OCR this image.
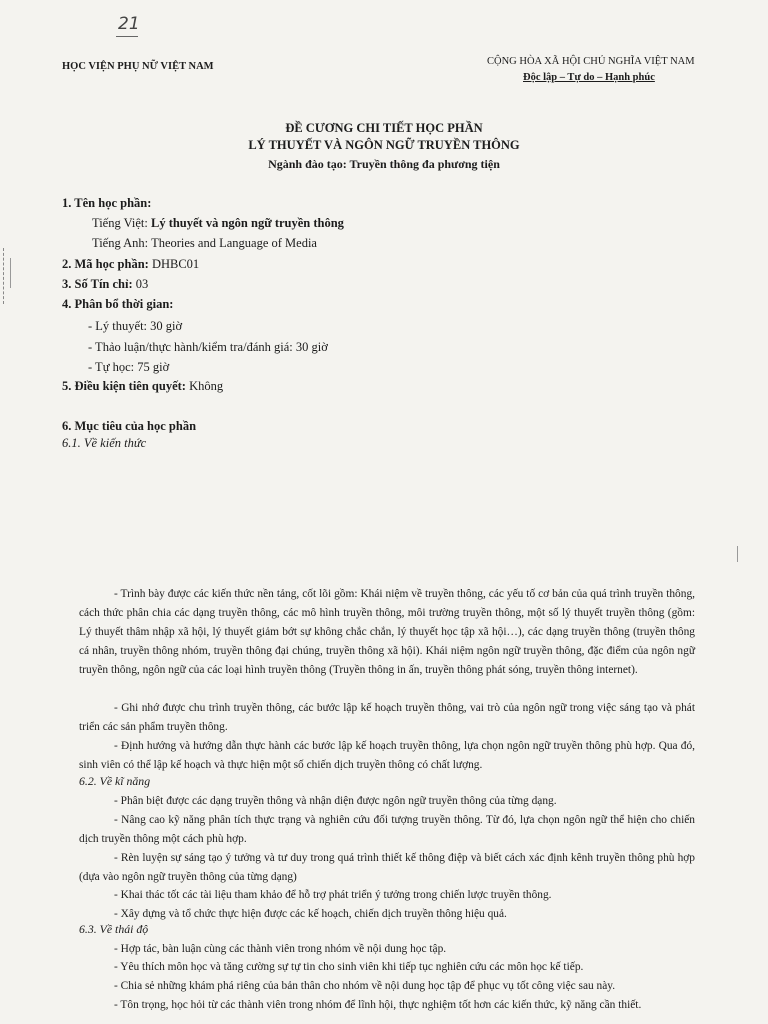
21
HỌC VIỆN PHỤ NỮ VIỆT NAM	CỘNG HÒA XÃ HỘI CHỦ NGHĨA VIỆT NAM
Độc lập – Tự do – Hạnh phúc
ĐỀ CƯƠNG CHI TIẾT HỌC PHẦN
LÝ THUYẾT VÀ NGÔN NGỮ TRUYỀN THÔNG
Ngành đào tạo: Truyền thông đa phương tiện
1. Tên học phần:
Tiếng Việt: Lý thuyết và ngôn ngữ truyền thông
Tiếng Anh: Theories and Language of Media
2. Mã học phần: DHBC01
3. Số Tín chỉ: 03
4. Phân bổ thời gian:
- Lý thuyết: 30 giờ
- Thảo luận/thực hành/kiểm tra/đánh giá: 30 giờ
- Tự học: 75 giờ
5. Điều kiện tiên quyết: Không
6. Mục tiêu của học phần
6.1. Về kiến thức
- Trình bày được các kiến thức nền tảng, cốt lõi gồm: Khái niệm về truyền thông, các yếu tố cơ bản của quá trình truyền thông, cách thức phân chia các dạng truyền thông, các mô hình truyền thông, môi trường truyền thông, một số lý thuyết truyền thông (gồm: Lý thuyết thâm nhập xã hội, lý thuyết giảm bớt sự không chắc chắn, lý thuyết học tập xã hội…), các dạng truyền thông (truyền thông cá nhân, truyền thông nhóm, truyền thông đại chúng, truyền thông xã hội). Khái niệm ngôn ngữ truyền thông, đặc điểm của ngôn ngữ truyền thông, ngôn ngữ của các loại hình truyền thông (Truyền thông in ấn, truyền thông phát sóng, truyền thông internet).
- Ghi nhớ được chu trình truyền thông, các bước lập kế hoạch truyền thông, vai trò của ngôn ngữ trong việc sáng tạo và phát triển các sản phẩm truyền thông.
- Định hướng và hướng dẫn thực hành các bước lập kế hoạch truyền thông, lựa chọn ngôn ngữ truyền thông phù hợp. Qua đó, sinh viên có thể lập kế hoạch và thực hiện một số chiến dịch truyền thông có chất lượng.
6.2. Về kĩ năng
- Phân biệt được các dạng truyền thông và nhận diện được ngôn ngữ truyền thông của từng dạng.
- Nâng cao kỹ năng phân tích thực trạng và nghiên cứu đối tượng truyền thông. Từ đó, lựa chọn ngôn ngữ thể hiện cho chiến dịch truyền thông một cách phù hợp.
- Rèn luyện sự sáng tạo ý tưởng và tư duy trong quá trình thiết kế thông điệp và biết cách xác định kênh truyền thông phù hợp (dựa vào ngôn ngữ truyền thông của từng dạng)
- Khai thác tốt các tài liệu tham khảo để hỗ trợ phát triển ý tưởng trong chiến lược truyền thông.
- Xây dựng và tổ chức thực hiện được các kế hoạch, chiến dịch truyền thông hiệu quả.
6.3. Về thái độ
- Hợp tác, bàn luận cùng các thành viên trong nhóm về nội dung học tập.
- Yêu thích môn học và tăng cường sự tự tin cho sinh viên khi tiếp tục nghiên cứu các môn học kế tiếp.
- Chia sẻ những khám phá riêng của bản thân cho nhóm về nội dung học tập để phục vụ tốt công việc sau này.
- Tôn trọng, học hỏi từ các thành viên trong nhóm để lĩnh hội, thực nghiệm tốt hơn các kiến thức, kỹ năng cần thiết.
